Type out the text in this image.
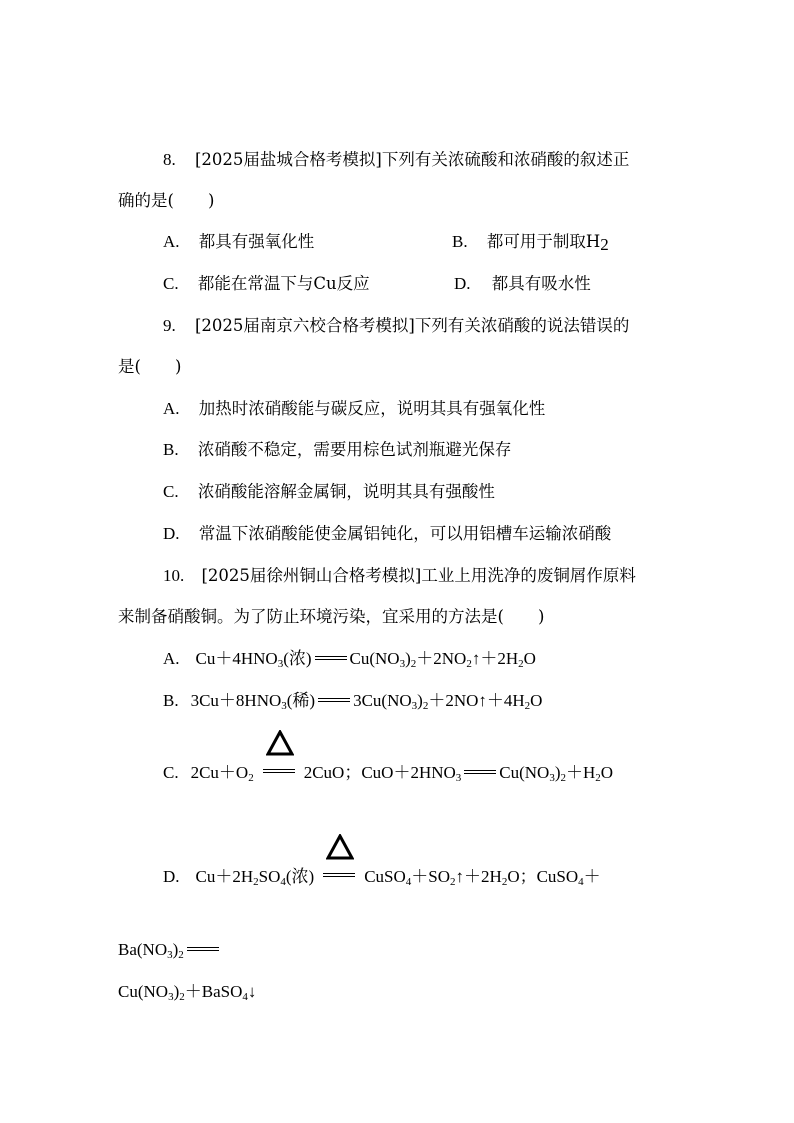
8. [2025届盐城合格考模拟]下列有关浓硫酸和浓硝酸的叙述正
确的是( )
A. 都具有强氧化性	B. 都可用于制取$H_2$
C. 都能在常温下与Cu反应	D. 都具有吸水性
9. [2025届南京六校合格考模拟]下列有关浓硝酸的说法错误的
是( )
A. 加热时浓硝酸能与碳反应，说明其具有强氧化性
B. 浓硝酸不稳定，需要用棕色试剂瓶避光保存
C. 浓硝酸能溶解金属铜，说明其具有强酸性
D. 常温下浓硝酸能使金属铝钝化，可以用铝槽车运输浓硝酸
10. [2025届徐州铜山合格考模拟]工业上用洗净的废铜屑作原料
来制备硝酸铜。为了防止环境污染，宜采用的方法是( )
A. $Cu+4HNO_3$(浓) $Cu(NO_3)_2+2NO_2↑+2H_2O$
B. $3Cu+8HNO_3$(稀) $3Cu(NO_3)_2+2NO↑+4H_2O$
C. $2Cu+O_2$	2CuO；$CuO+2HNO_3$ $Cu(NO_3)_2+H_2O$
D. $Cu+2H_2SO_4$(浓)	$CuSO_4+SO_2↑+2H_2O$；CuSO$_4$＋
$Ba(NO_3)_2$
$Cu(NO_3)_2+BaSO_4↓$
